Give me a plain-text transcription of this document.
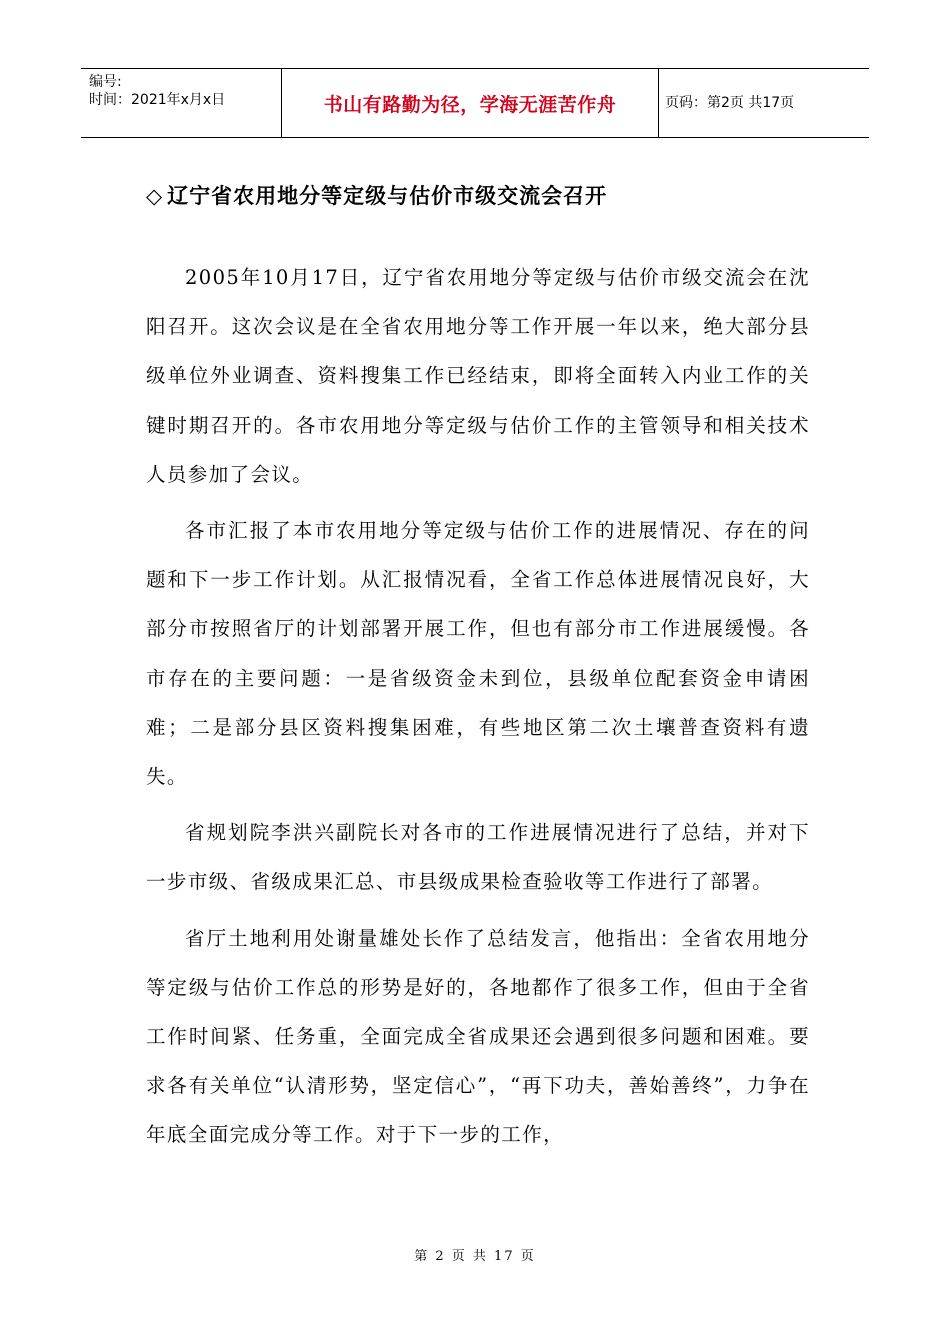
编号:
时间：2021年x月x日	书山有路勤为径，学海无涯苦作舟	页码：第2页 共17页
◇ 辽宁省农用地分等定级与估价市级交流会召开

2005年10月17日，辽宁省农用地分等定级与估价市级交流会在沈阳召开。这次会议是在全省农用地分等工作开展一年以来，绝大部分县级单位外业调查、资料搜集工作已经结束，即将全面转入内业工作的关键时期召开的。各市农用地分等定级与估价工作的主管领导和相关技术人员参加了会议。

各市汇报了本市农用地分等定级与估价工作的进展情况、存在的问题和下一步工作计划。从汇报情况看，全省工作总体进展情况良好，大部分市按照省厅的计划部署开展工作，但也有部分市工作进展缓慢。各市存在的主要问题：一是省级资金未到位，县级单位配套资金申请困难；二是部分县区资料搜集困难，有些地区第二次土壤普查资料有遗失。

省规划院李洪兴副院长对各市的工作进展情况进行了总结，并对下一步市级、省级成果汇总、市县级成果检查验收等工作进行了部署。

省厅土地利用处谢量雄处长作了总结发言，他指出：全省农用地分等定级与估价工作总的形势是好的，各地都作了很多工作，但由于全省工作时间紧、任务重，全面完成全省成果还会遇到很多问题和困难。要求各有关单位“认清形势，坚定信心”，“再下功夫，善始善终”，力争在年底全面完成分等工作。对于下一步的工作，

第 2 页 共 17 页
